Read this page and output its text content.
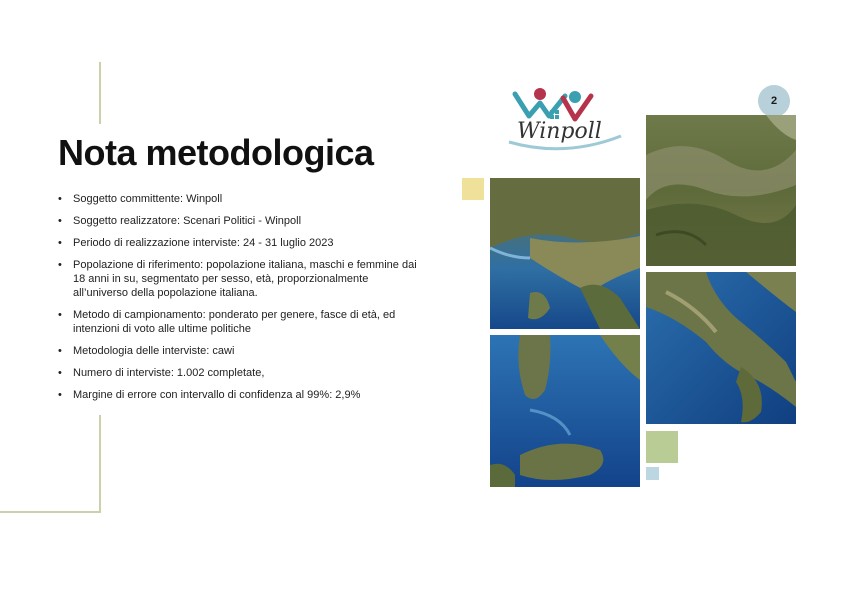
Nota metodologica
• Soggetto committente: Winpoll
• Soggetto realizzatore: Scenari Politici - Winpoll
• Periodo di realizzazione interviste: 24 - 31 luglio 2023
• Popolazione di riferimento: popolazione italiana, maschi e femmine dai 18 anni in su, segmentato per sesso, età, proporzionalmente all’universo della popolazione italiana.
• Metodo di campionamento: ponderato per genere, fasce di età, ed intenzioni di voto alle ultime politiche
• Metodologia delle interviste: cawi
• Numero di interviste: 1.002 completate,
• Margine di errore con intervallo di confidenza al 99%: 2,9%
Winpoll
2
